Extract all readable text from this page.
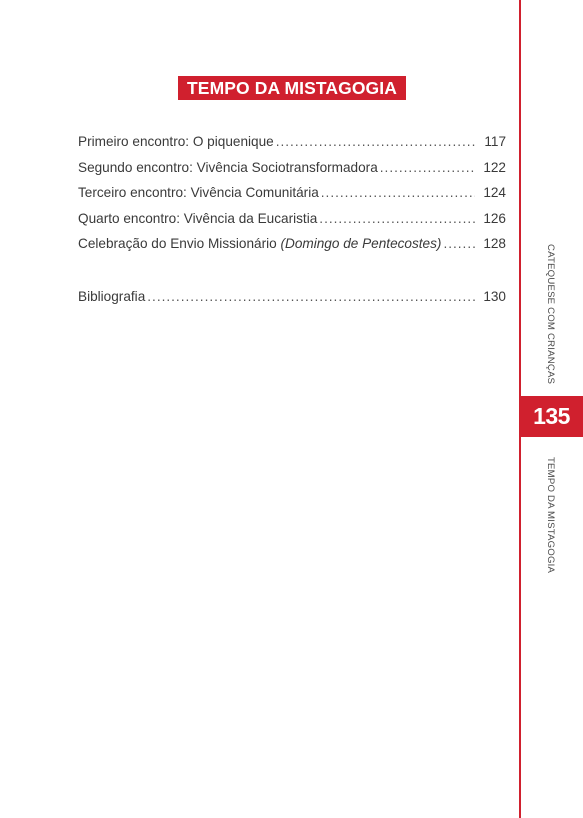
TEMPO DA MISTAGOGIA
Primeiro encontro: O piquenique .....	117
Segundo encontro: Vivência Sociotransformadora .....	122
Terceiro encontro: Vivência Comunitária .....	124
Quarto encontro: Vivência da Eucaristia .....	126
Celebração do Envio Missionário (Domingo de Pentecostes) .....	128
Bibliografia .....	130	CATEQUESE COM CRIANÇAS
135
TEMPO DA MISTAGOGIA
